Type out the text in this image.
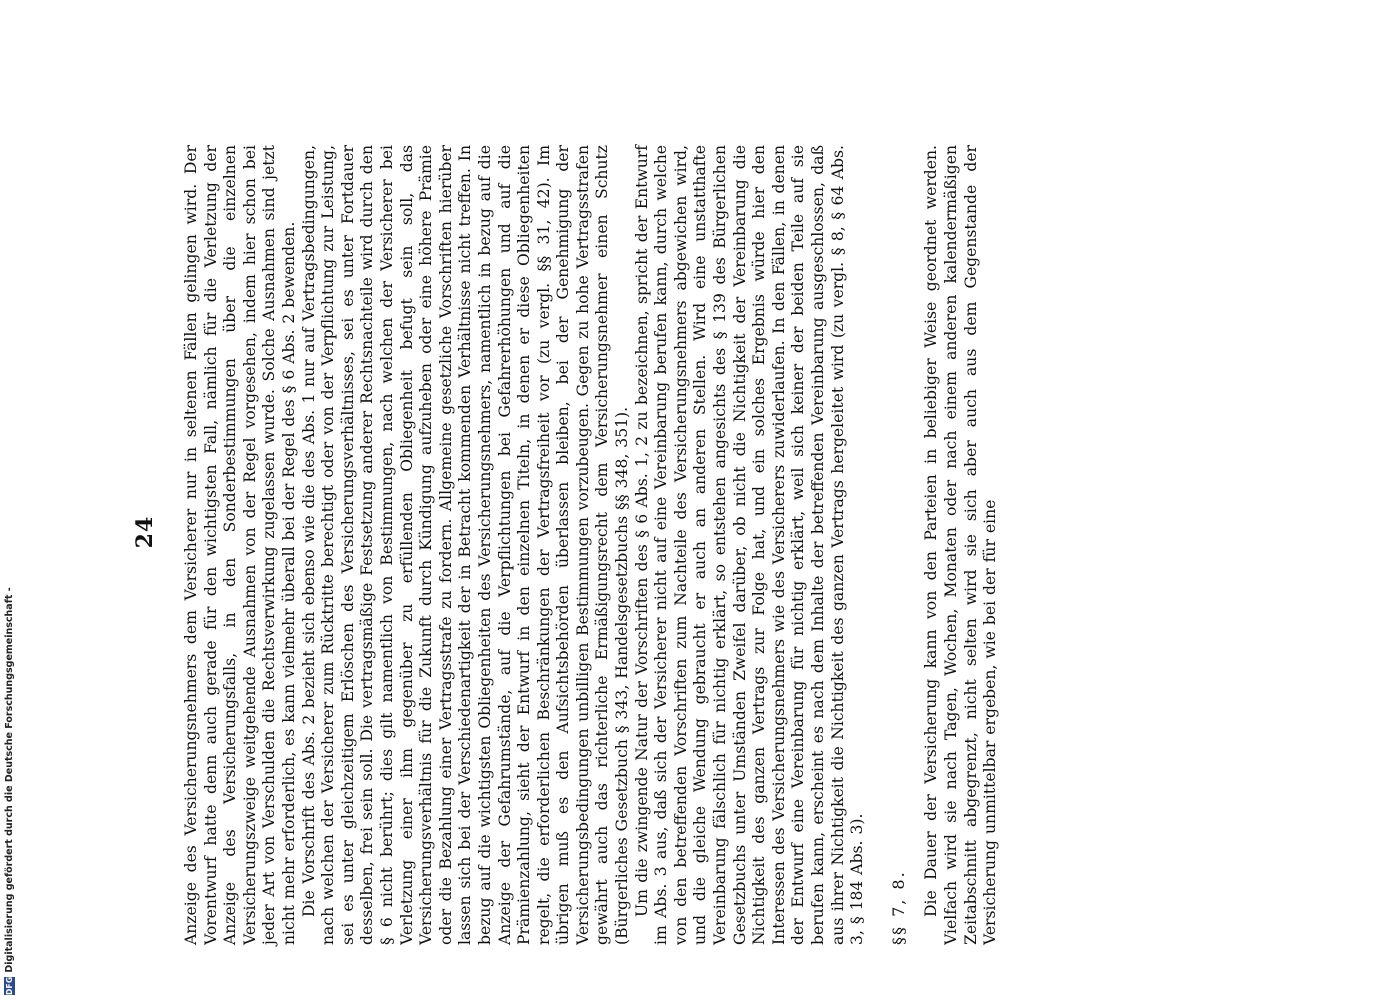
DFG
Digitalisierung gefördert durch die Deutsche Forschungsgemeinschaft -
24 Anzeige des Versicherungsnehmers dem Versicherer nur in seltenen Fällen gelingen wird. Der Vorentwurf hatte denn auch gerade für den wichtigsten Fall, nämlich für die Verletzung der Anzeige des Versicherungsfalls, in den Sonderbestimmungen über die einzelnen Versicherungszweige weitgehende Ausnahmen von der Regel vorgesehen, indem hier schon bei jeder Art von Verschulden die Rechtsverwirkung zugelassen wurde. Solche Ausnahmen sind jetzt nicht mehr erforderlich, es kann vielmehr überall bei der Regel des § 6 Abs. 2 bewenden. Die Vorschrift des Abs. 2 bezieht sich ebenso wie die des Abs. 1 nur auf Vertragsbedingungen, nach welchen der Versicherer zum Rücktritte berechtigt oder von der Verpflichtung zur Leistung, sei es unter gleichzeitigem Erlöschen des Versicherungsverhältnisses, sei es unter Fortdauer desselben, frei sein soll. Die vertragsmäßige Festsetzung anderer Rechtsnachteile wird durch den § 6 nicht berührt; dies gilt namentlich von Bestimmungen, nach welchen der Versicherer bei Verletzung einer ihm gegenüber zu erfüllenden Obliegenheit befugt sein soll, das Versicherungsverhältnis für die Zukunft durch Kündigung aufzuheben oder eine höhere Prämie oder die Bezahlung einer Vertragsstrafe zu fordern. Allgemeine gesetzliche Vorschriften hierüber lassen sich bei der Verschiedenartigkeit der in Betracht kommenden Verhältnisse nicht treffen. In bezug auf die wichtigsten Obliegenheiten des Versicherungsnehmers, namentlich in bezug auf die Anzeige der Gefahrumstände, auf die Verpflichtungen bei Gefahrerhöhungen und auf die Prämienzahlung, sieht der Entwurf in den einzelnen Titeln, in denen er diese Obliegenheiten regelt, die erforderlichen Beschränkungen der Vertragsfreiheit vor (zu vergl. §§ 31, 42). Im übrigen muß es den Aufsichtsbehörden überlassen bleiben, bei der Genehmigung der Versicherungsbedingungen unbilligen Bestimmungen vorzubeugen. Gegen zu hohe Vertragsstrafen gewährt auch das richterliche Ermäßigungsrecht dem Versicherungsnehmer einen Schutz (Bürgerliches Gesetzbuch § 343, Handelsgesetzbuchs §§ 348, 351). Um die zwingende Natur der Vorschriften des § 6 Abs. 1, 2 zu bezeichnen, spricht der Entwurf im Abs. 3 aus, daß sich der Versicherer nicht auf eine Vereinbarung berufen kann, durch welche von den betreffenden Vorschriften zum Nachteile des Versicherungsnehmers abgewichen wird, und die gleiche Wendung gebraucht er auch an anderen Stellen. Wird eine unstatthafte Vereinbarung fälschlich für nichtig erklärt, so entstehen angesichts des § 139 des Bürgerlichen Gesetzbuchs unter Umständen Zweifel darüber, ob nicht die Nichtigkeit der Vereinbarung die Nichtigkeit des ganzen Vertrags zur Folge hat, und ein solches Ergebnis würde hier den Interessen des Versicherungsnehmers wie des Versicherers zuwiderlaufen. In den Fällen, in denen der Entwurf eine Vereinbarung für nichtig erklärt, weil sich keiner der beiden Teile auf sie berufen kann, erscheint es nach dem Inhalte der betreffenden Vereinbarung ausgeschlossen, daß aus ihrer Nichtigkeit die Nichtigkeit des ganzen Vertrags hergeleitet wird (zu vergl. § 8, § 64 Abs. 3, § 184 Abs. 3). §§ 7, 8. Die Dauer der Versicherung kann von den Parteien in beliebiger Weise geordnet werden. Vielfach wird sie nach Tagen, Wochen, Monaten oder nach einem anderen kalendermäßigen Zeitabschnitt abgegrenzt, nicht selten wird sie sich aber auch aus dem Gegenstande der Versicherung unmittelbar ergeben, wie bei der für eine
